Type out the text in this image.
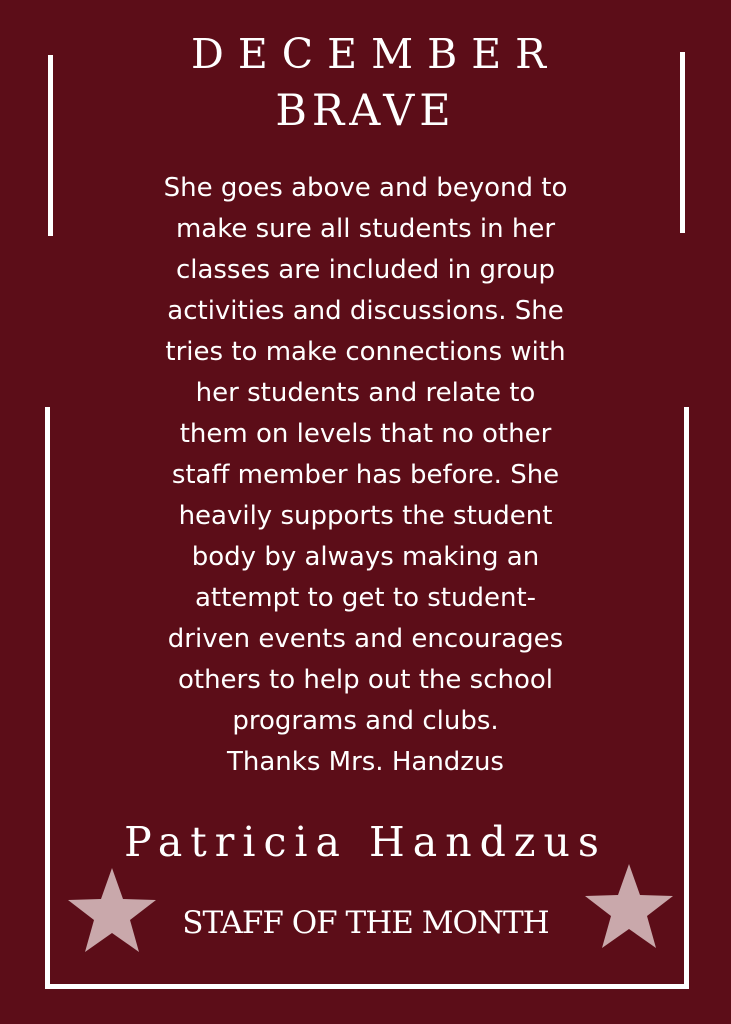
DECEMBER
BRAVE
She goes above and beyond to
make sure all students in her
classes are included in group
activities and discussions. She
tries to make connections with
her students and relate to
them on levels that no other
staff member has before. She
heavily supports the student
body by always making an
attempt to get to student-
driven events and encourages
others to help out the school
programs and clubs.
Thanks Mrs. Handzus
Patricia Handzus
STAFF OF THE MONTH
